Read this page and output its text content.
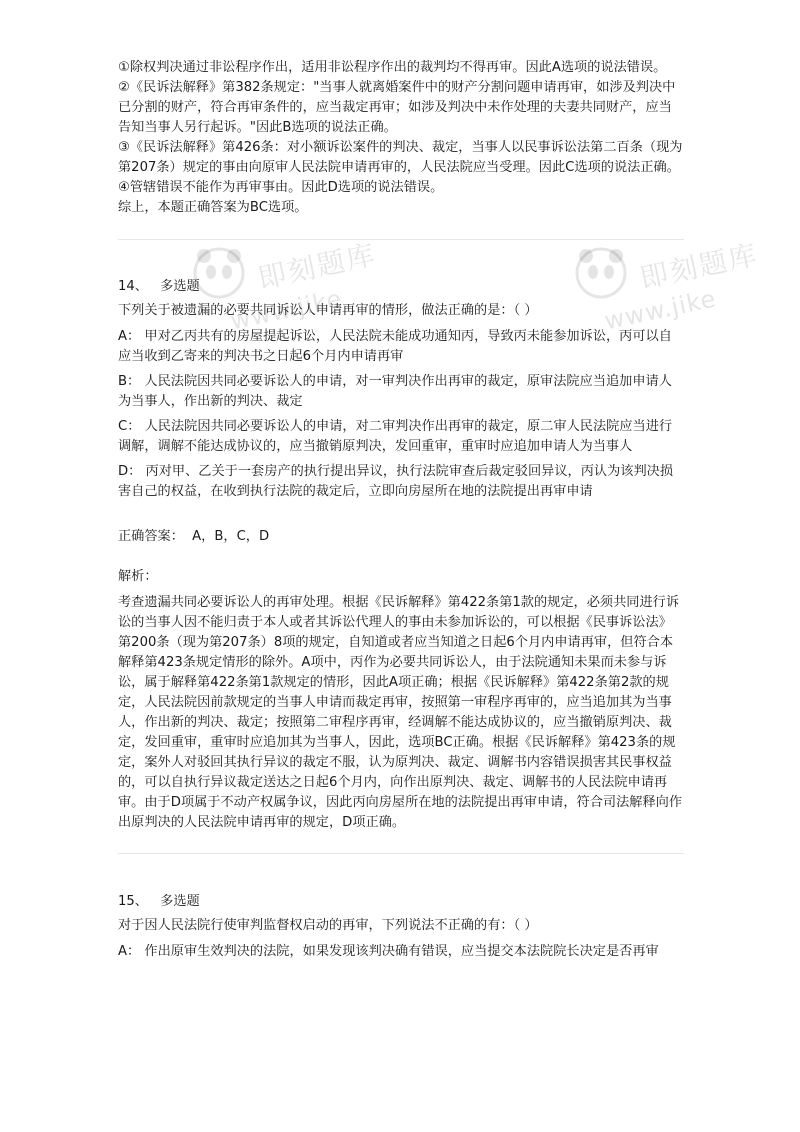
即刻题库
www.jike
即刻题库
www.jike

①除权判决通过非讼程序作出，适用非讼程序作出的裁判均不得再审。因此A选项的说法错误。

②《民诉法解释》第382条规定："当事人就离婚案件中的财产分割问题申请再审，如涉及判决中已分割的财产，符合再审条件的，应当裁定再审；如涉及判决中未作处理的夫妻共同财产，应当告知当事人另行起诉。"因此B选项的说法正确。

③《民诉法解释》第426条：对小额诉讼案件的判决、裁定，当事人以民事诉讼法第二百条（现为第207条）规定的事由向原审人民法院申请再审的，人民法院应当受理。因此C选项的说法正确。

④管辖错误不能作为再审事由。因此D选项的说法错误。

综上，本题正确答案为BC选项。

14、 多选题

下列关于被遗漏的必要共同诉讼人申请再审的情形，做法正确的是：（ ）

A： 甲对乙丙共有的房屋提起诉讼，人民法院未能成功通知丙，导致丙未能参加诉讼，丙可以自应当收到乙寄来的判决书之日起6个月内申请再审

B： 人民法院因共同必要诉讼人的申请，对一审判决作出再审的裁定，原审法院应当追加申请人为当事人，作出新的判决、裁定

C： 人民法院因共同必要诉讼人的申请，对二审判决作出再审的裁定，原二审人民法院应当进行调解，调解不能达成协议的，应当撤销原判决，发回重审，重审时应追加申请人为当事人

D： 丙对甲、乙关于一套房产的执行提出异议，执行法院审查后裁定驳回异议，丙认为该判决损害自己的权益，在收到执行法院的裁定后，立即向房屋所在地的法院提出再审申请

正确答案： A，B，C，D

解析：

考查遗漏共同必要诉讼人的再审处理。根据《民诉解释》第422条第1款的规定，必须共同进行诉讼的当事人因不能归责于本人或者其诉讼代理人的事由未参加诉讼的，可以根据《民事诉讼法》第200条（现为第207条）8项的规定，自知道或者应当知道之日起6个月内申请再审，但符合本解释第423条规定情形的除外。A项中，丙作为必要共同诉讼人，由于法院通知未果而未参与诉讼，属于解释第422条第1款规定的情形，因此A项正确；根据《民诉解释》第422条第2款的规定，人民法院因前款规定的当事人申请而裁定再审，按照第一审程序再审的，应当追加其为当事人，作出新的判决、裁定；按照第二审程序再审，经调解不能达成协议的，应当撤销原判决、裁定，发回重审，重审时应追加其为当事人，因此，选项BC正确。根据《民诉解释》第423条的规定，案外人对驳回其执行异议的裁定不服，认为原判决、裁定、调解书内容错误损害其民事权益的，可以自执行异议裁定送达之日起6个月内，向作出原判决、裁定、调解书的人民法院申请再审。由于D项属于不动产权属争议，因此丙向房屋所在地的法院提出再审申请，符合司法解释向作出原判决的人民法院申请再审的规定，D项正确。

15、 多选题

对于因人民法院行使审判监督权启动的再审，下列说法不正确的有：（ ）

A： 作出原审生效判决的法院，如果发现该判决确有错误，应当提交本法院院长决定是否再审
